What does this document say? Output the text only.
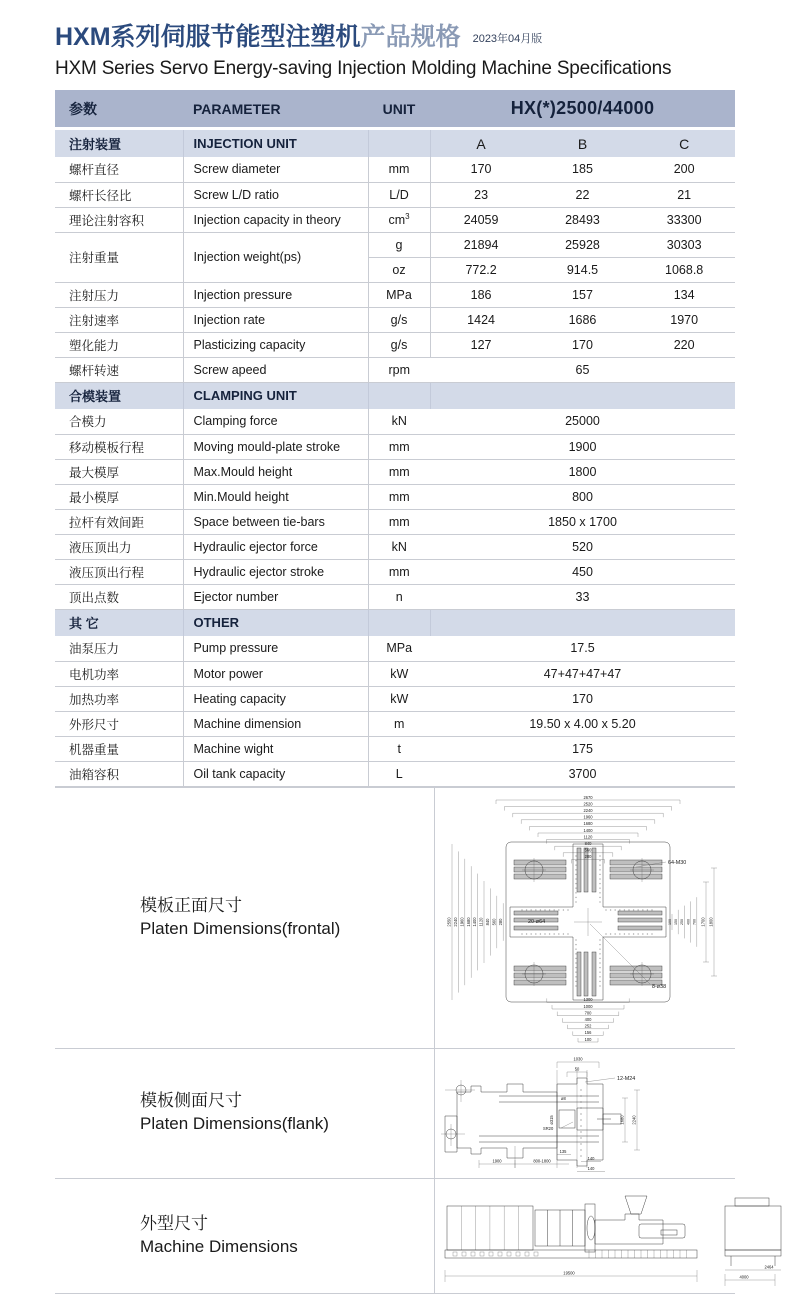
HXM系列伺服节能型注塑机 产品规格 2023年04月版
HXM Series Servo Energy-saving Injection Molding Machine Specifications
参数	PARAMETER	UNIT	HX(*)2500/44000		

注射装置	INJECTION UNIT		A	B	C
螺杆直径	Screw diameter	mm	170	185	200
螺杆长径比	Screw L/D ratio	L/D	23	22	21
理论注射容积	Injection capacity in theory	$cm^3$	24059	28493	33300
注射重量	Injection weight(ps)	g	21894	25928	30303
		oz	772.2	914.5	1068.8
注射压力	Injection pressure	MPa	186	157	134
注射速率	Injection rate	g/s	1424	1686	1970
塑化能力	Plasticizing capacity	g/s	127	170	220
螺杆转速	Screw apeed	rpm	65		
合模装置	CLAMPING UNIT				
合模力	Clamping force	kN	25000		
移动模板行程	Moving mould-plate stroke	mm	1900		
最大模厚	Max.Mould height	mm	1800		
最小模厚	Min.Mould height	mm	800		
拉杆有效间距	Space between tie-bars	mm	1850 x 1700		
液压顶出力	Hydraulic ejector force	kN	520		
液压顶出行程	Hydraulic ejector stroke	mm	450		
顶出点数	Ejector number	n	33		
其 它	OTHER				
油泵压力	Pump pressure	MPa	17.5		
电机功率	Motor power	kW	47+47+47+47		
加热功率	Heating capacity	kW	170		
外形尺寸	Machine dimension	m	19.50 x 4.00 x 5.20		
机器重量	Machine wight	t	175		
油箱容积	Oil tank capacity	L	3700		
模板正面尺寸
Platen Dimensions(frontal)
2670
2520
2240
1960
1680
1400
1120
840
560
280
2550 2240 1960 1680 1400 1120 840 560 280
100
156
252
400
700
1000
1300
100 150 250 400 700 1700 1800
64-M30
8-ø38
20-ø64
模板侧面尺寸
Platen Dimensions(flank)
1030
50
12-M24
ø8
ø315
SR20
1680 2240
135
1900	800-1800	140
140
外型尺寸
Machine Dimensions
19500
2464
4000
